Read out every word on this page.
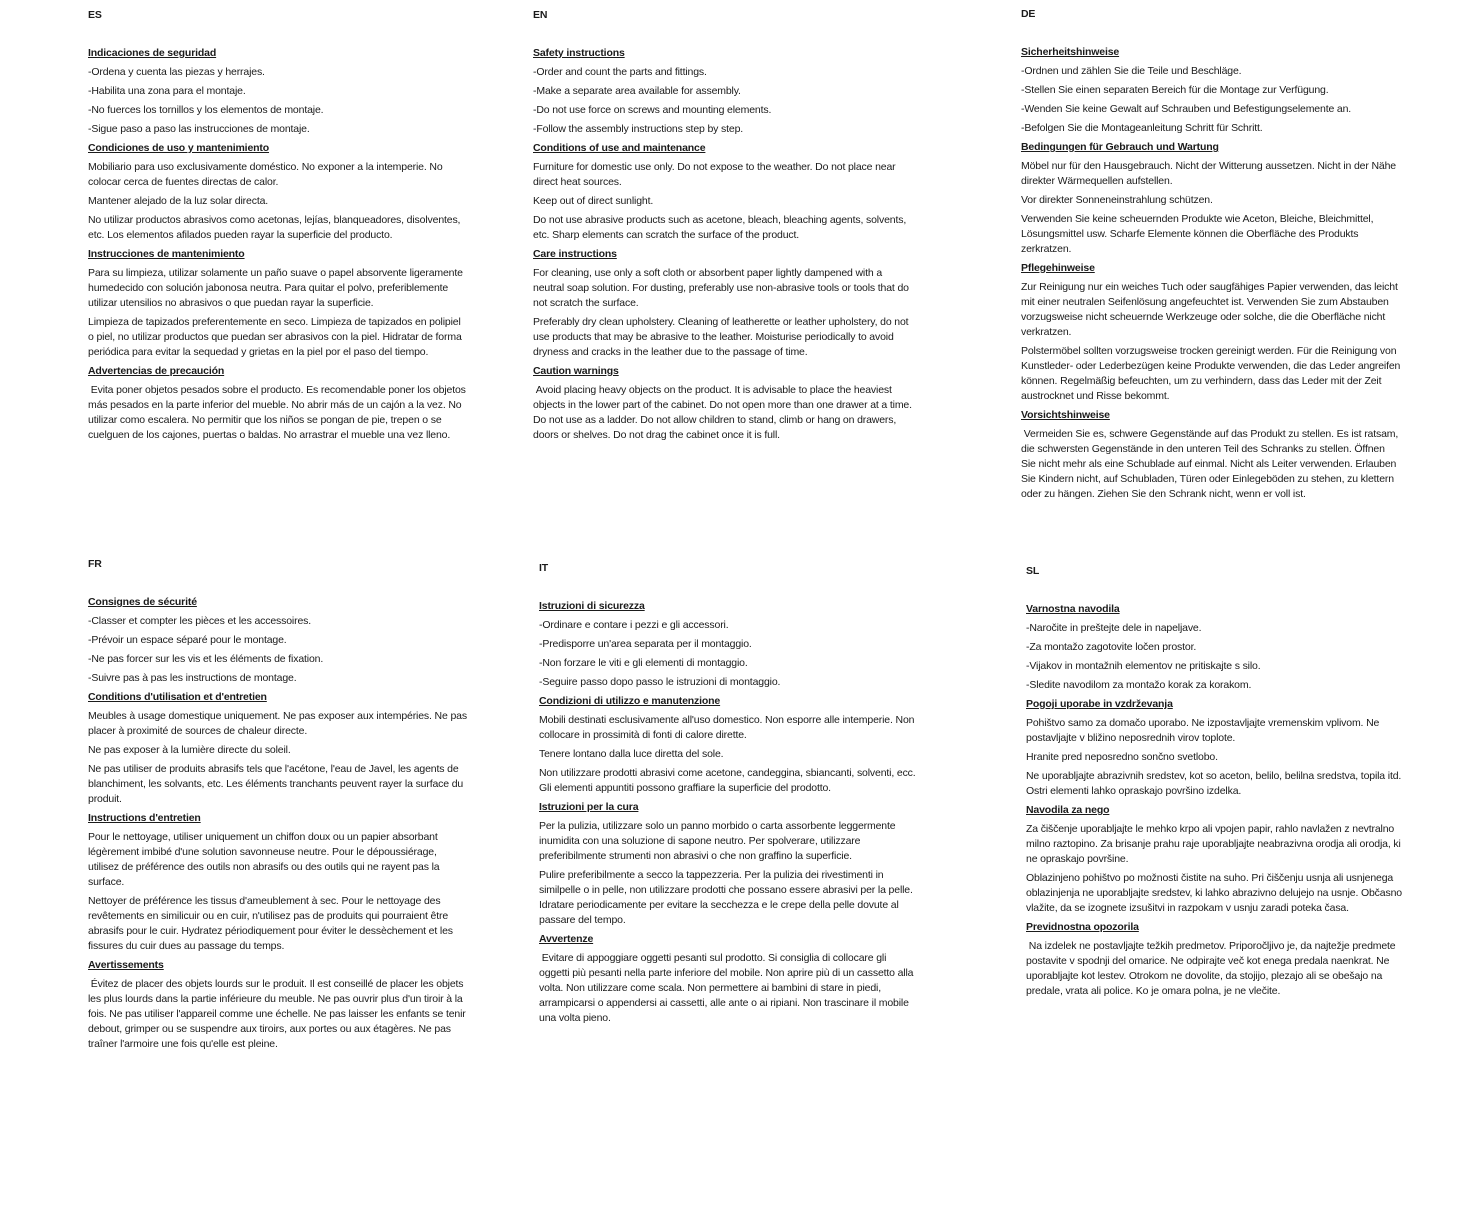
ES

Indicaciones de seguridad

-Ordena y cuenta las piezas y herrajes.

-Habilita una zona para el montaje.

-No fuerces los tornillos y los elementos de montaje.

-Sigue paso a paso las instrucciones de montaje.

Condiciones de uso y mantenimiento

Mobiliario para uso exclusivamente doméstico. No exponer a la intemperie. No colocar cerca de fuentes directas de calor.

Mantener alejado de la luz solar directa.

No utilizar productos abrasivos como acetonas, lejías, blanqueadores, disolventes, etc. Los elementos afilados pueden rayar la superficie del producto.

Instrucciones de mantenimiento

Para su limpieza, utilizar solamente un paño suave o papel absorvente ligeramente humedecido con solución jabonosa neutra. Para quitar el polvo, preferiblemente utilizar utensilios no abrasivos o que puedan rayar la superficie.

Limpieza de tapizados preferentemente en seco. Limpieza de tapizados en polipiel o piel, no utilizar productos que puedan ser abrasivos con la piel. Hidratar de forma periódica para evitar la sequedad y grietas en la piel por el paso del tiempo.

Advertencias de precaución

Evita poner objetos pesados sobre el producto. Es recomendable poner los objetos más pesados en la parte inferior del mueble. No abrir más de un cajón a la vez. No utilizar como escalera. No permitir que los niños se pongan de pie, trepen o se cuelguen de los cajones, puertas o baldas. No arrastrar el mueble una vez lleno.

EN

Safety instructions

-Order and count the parts and fittings.

-Make a separate area available for assembly.

-Do not use force on screws and mounting elements.

-Follow the assembly instructions step by step.

Conditions of use and maintenance

Furniture for domestic use only. Do not expose to the weather. Do not place near direct heat sources.

Keep out of direct sunlight.

Do not use abrasive products such as acetone, bleach, bleaching agents, solvents, etc. Sharp elements can scratch the surface of the product.

Care instructions

For cleaning, use only a soft cloth or absorbent paper lightly dampened with a neutral soap solution. For dusting, preferably use non-abrasive tools or tools that do not scratch the surface.

Preferably dry clean upholstery. Cleaning of leatherette or leather upholstery, do not use products that may be abrasive to the leather. Moisturise periodically to avoid dryness and cracks in the leather due to the passage of time.

Caution warnings

Avoid placing heavy objects on the product. It is advisable to place the heaviest objects in the lower part of the cabinet. Do not open more than one drawer at a time. Do not use as a ladder. Do not allow children to stand, climb or hang on drawers, doors or shelves. Do not drag the cabinet once it is full.

DE

Sicherheitshinweise

-Ordnen und zählen Sie die Teile und Beschläge.

-Stellen Sie einen separaten Bereich für die Montage zur Verfügung.

-Wenden Sie keine Gewalt auf Schrauben und Befestigungselemente an.

-Befolgen Sie die Montageanleitung Schritt für Schritt.

Bedingungen für Gebrauch und Wartung

Möbel nur für den Hausgebrauch. Nicht der Witterung aussetzen. Nicht in der Nähe direkter Wärmequellen aufstellen.

Vor direkter Sonneneinstrahlung schützen.

Verwenden Sie keine scheuernden Produkte wie Aceton, Bleiche, Bleichmittel, Lösungsmittel usw. Scharfe Elemente können die Oberfläche des Produkts zerkratzen.

Pflegehinweise

Zur Reinigung nur ein weiches Tuch oder saugfähiges Papier verwenden, das leicht mit einer neutralen Seifenlösung angefeuchtet ist. Verwenden Sie zum Abstauben vorzugsweise nicht scheuernde Werkzeuge oder solche, die die Oberfläche nicht verkratzen.

Polstermöbel sollten vorzugsweise trocken gereinigt werden. Für die Reinigung von Kunstleder- oder Lederbezügen keine Produkte verwenden, die das Leder angreifen können. Regelmäßig befeuchten, um zu verhindern, dass das Leder mit der Zeit austrocknet und Risse bekommt.

Vorsichtshinweise

Vermeiden Sie es, schwere Gegenstände auf das Produkt zu stellen. Es ist ratsam, die schwersten Gegenstände in den unteren Teil des Schranks zu stellen. Öffnen Sie nicht mehr als eine Schublade auf einmal. Nicht als Leiter verwenden. Erlauben Sie Kindern nicht, auf Schubladen, Türen oder Einlegeböden zu stehen, zu klettern oder zu hängen. Ziehen Sie den Schrank nicht, wenn er voll ist.

FR

Consignes de sécurité

-Classer et compter les pièces et les accessoires.

-Prévoir un espace séparé pour le montage.

-Ne pas forcer sur les vis et les éléments de fixation.

-Suivre pas à pas les instructions de montage.

Conditions d'utilisation et d'entretien

Meubles à usage domestique uniquement. Ne pas exposer aux intempéries. Ne pas placer à proximité de sources de chaleur directe.

Ne pas exposer à la lumière directe du soleil.

Ne pas utiliser de produits abrasifs tels que l'acétone, l'eau de Javel, les agents de blanchiment, les solvants, etc. Les éléments tranchants peuvent rayer la surface du produit.

Instructions d'entretien

Pour le nettoyage, utiliser uniquement un chiffon doux ou un papier absorbant légèrement imbibé d'une solution savonneuse neutre. Pour le dépoussiérage, utilisez de préférence des outils non abrasifs ou des outils qui ne rayent pas la surface.

Nettoyer de préférence les tissus d'ameublement à sec. Pour le nettoyage des revêtements en similicuir ou en cuir, n'utilisez pas de produits qui pourraient être abrasifs pour le cuir. Hydratez périodiquement pour éviter le dessèchement et les fissures du cuir dues au passage du temps.

Avertissements

Évitez de placer des objets lourds sur le produit. Il est conseillé de placer les objets les plus lourds dans la partie inférieure du meuble. Ne pas ouvrir plus d'un tiroir à la fois. Ne pas utiliser l'appareil comme une échelle. Ne pas laisser les enfants se tenir debout, grimper ou se suspendre aux tiroirs, aux portes ou aux étagères. Ne pas traîner l'armoire une fois qu'elle est pleine.

IT

Istruzioni di sicurezza

-Ordinare e contare i pezzi e gli accessori.

-Predisporre un'area separata per il montaggio.

-Non forzare le viti e gli elementi di montaggio.

-Seguire passo dopo passo le istruzioni di montaggio.

Condizioni di utilizzo e manutenzione

Mobili destinati esclusivamente all'uso domestico. Non esporre alle intemperie. Non collocare in prossimità di fonti di calore dirette.

Tenere lontano dalla luce diretta del sole.

Non utilizzare prodotti abrasivi come acetone, candeggina, sbiancanti, solventi, ecc. Gli elementi appuntiti possono graffiare la superficie del prodotto.

Istruzioni per la cura

Per la pulizia, utilizzare solo un panno morbido o carta assorbente leggermente inumidita con una soluzione di sapone neutro. Per spolverare, utilizzare preferibilmente strumenti non abrasivi o che non graffino la superficie.

Pulire preferibilmente a secco la tappezzeria. Per la pulizia dei rivestimenti in similpelle o in pelle, non utilizzare prodotti che possano essere abrasivi per la pelle. Idratare periodicamente per evitare la secchezza e le crepe della pelle dovute al passare del tempo.

Avvertenze

Evitare di appoggiare oggetti pesanti sul prodotto. Si consiglia di collocare gli oggetti più pesanti nella parte inferiore del mobile. Non aprire più di un cassetto alla volta. Non utilizzare come scala. Non permettere ai bambini di stare in piedi, arrampicarsi o appendersi ai cassetti, alle ante o ai ripiani. Non trascinare il mobile una volta pieno.

SL

Varnostna navodila

-Naročite in preštejte dele in napeljave.

-Za montažo zagotovite ločen prostor.

-Vijakov in montažnih elementov ne pritiskajte s silo.

-Sledite navodilom za montažo korak za korakom.

Pogoji uporabe in vzdrževanja

Pohištvo samo za domačo uporabo. Ne izpostavljajte vremenskim vplivom. Ne postavljajte v bližino neposrednih virov toplote.

Hranite pred neposredno sončno svetlobo.

Ne uporabljajte abrazivnih sredstev, kot so aceton, belilo, belilna sredstva, topila itd. Ostri elementi lahko opraskajo površino izdelka.

Navodila za nego

Za čiščenje uporabljajte le mehko krpo ali vpojen papir, rahlo navlažen z nevtralno milno raztopino. Za brisanje prahu raje uporabljajte neabrazivna orodja ali orodja, ki ne opraskajo površine.

Oblazinjeno pohištvo po možnosti čistite na suho. Pri čiščenju usnja ali usnjenega oblazinjenja ne uporabljajte sredstev, ki lahko abrazivno delujejo na usnje. Občasno vlažite, da se izognete izsušitvi in razpokam v usnju zaradi poteka časa.

Previdnostna opozorila

Na izdelek ne postavljajte težkih predmetov. Priporočljivo je, da najtežje predmete postavite v spodnji del omarice. Ne odpirajte več kot enega predala naenkrat. Ne uporabljajte kot lestev. Otrokom ne dovolite, da stojijo, plezajo ali se obešajo na predale, vrata ali police. Ko je omara polna, je ne vlečite.
